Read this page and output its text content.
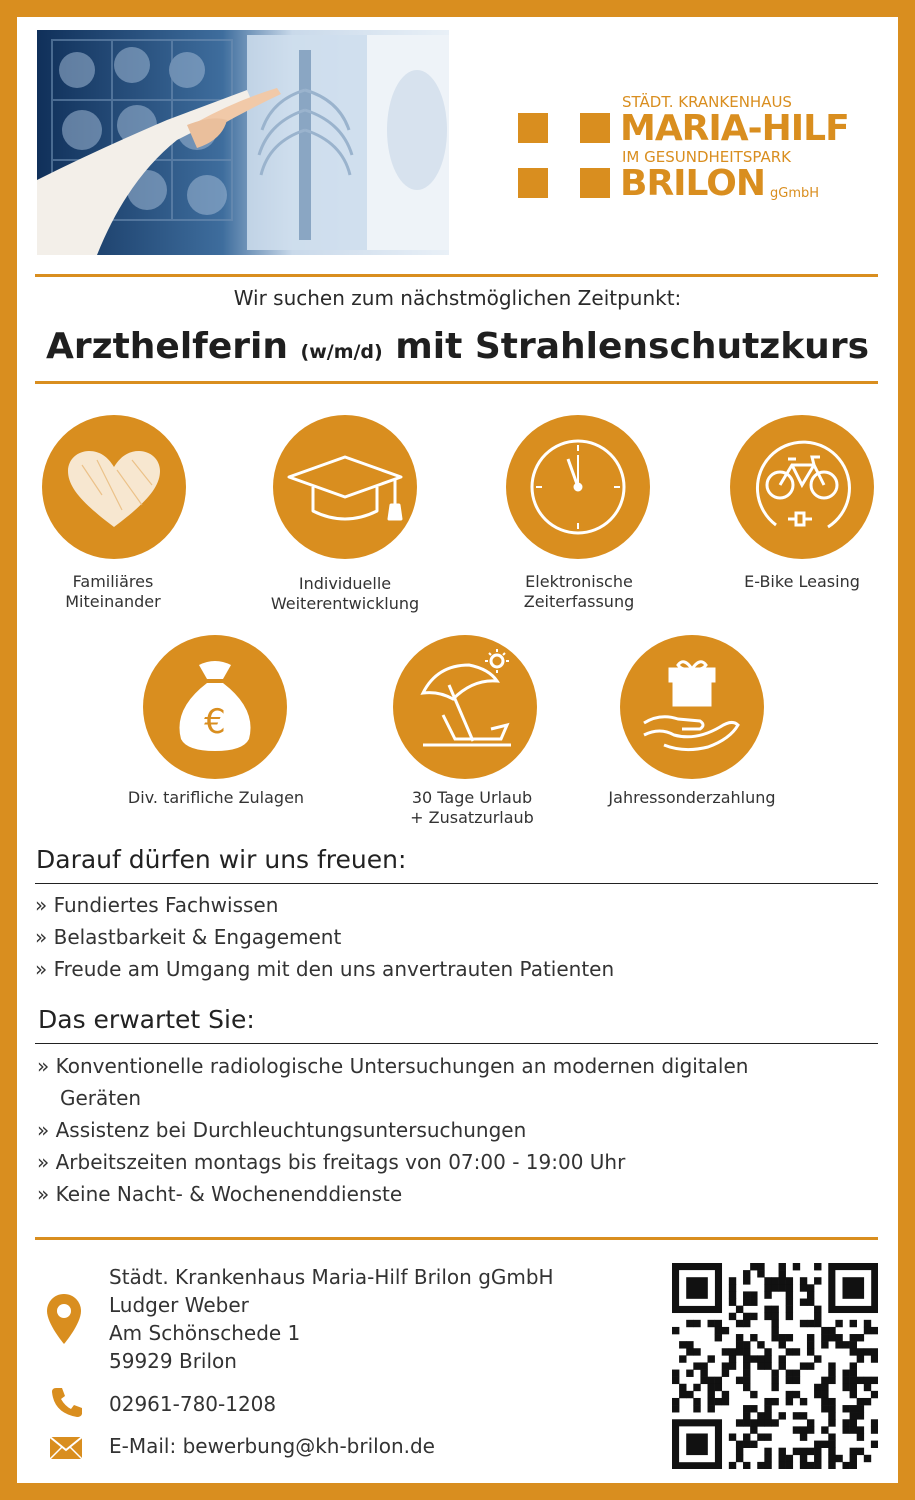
STÄDT. KRANKENHAUS
MARIA-HILF
IM GESUNDHEITSPARK
BRILON gGmbH
Wir suchen zum nächstmöglichen Zeitpunkt:
Arzthelferin (w/m/d) mit Strahlenschutzkurs
Familiäres
Miteinander
Individuelle
Weiterentwicklung
Elektronische
Zeiterfassung
E-Bike Leasing
€
Div. tarifliche Zulagen	30 Tage Urlaub
+ Zusatzurlaub
Jahressonderzahlung
Darauf dürfen wir uns freuen:
» Fundiertes Fachwissen
» Belastbarkeit & Engagement
» Freude am Umgang mit den uns anvertrauten Patienten
Das erwartet Sie:
» Konventionelle radiologische Untersuchungen an modernen digitalen
Geräten
» Assistenz bei Durchleuchtungsuntersuchungen
» Arbeitszeiten montags bis freitags von 07:00 - 19:00 Uhr
» Keine Nacht- & Wochenenddienste
Städt. Krankenhaus Maria-Hilf Brilon gGmbH
Ludger Weber
Am Schönschede 1
59929 Brilon
02961-780-1208
E-Mail: bewerbung@kh-brilon.de
